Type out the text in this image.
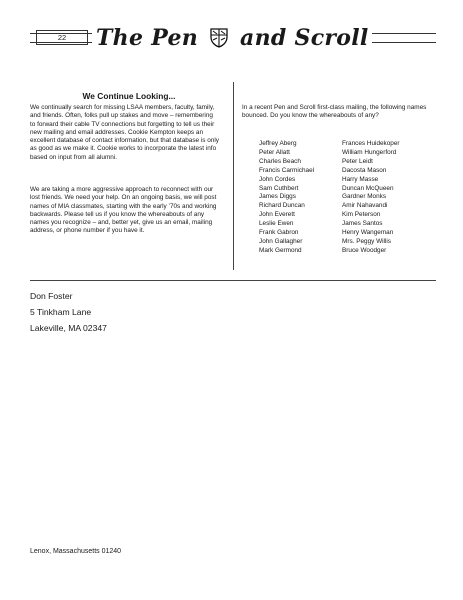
22	The Pen and Scroll
We Continue Looking...

We continually search for missing LSAA members, faculty, family, and friends. Often, folks pull up stakes and move – remembering to forward their cable TV connections but forgetting to tell us their new mailing and email addresses. Cookie Kempton keeps an excellent database of contact information, but that database is only as good as we make it. Cookie works to incorporate the latest info based on input from all alumni.

We are taking a more aggressive approach to reconnect with our lost friends. We need your help. On an ongoing basis, we will post names of MIA classmates, starting with the early ’70s and working backwards. Please tell us if you know the whereabouts of any names you recognize – and, better yet, give us an email, mailing address, or phone number if you have it.

In a recent Pen and Scroll first-class mailing, the following names bounced. Do you know the whereabouts of any?

Jeffrey Aberg
Peter Allatt
Charles Beach
Francis Carmichael
John Cordes
Sam Cuthbert
James Diggs
Richard Duncan
John Everett
Leslie Ewen
Frank Gabron
John Gallagher
Mark Germond
Frances Huidekoper
William Hungerford
Peter Leidt
Dacosta Mason
Harry Masse
Duncan McQueen
Gardner Monks
Amir Nahavandi
Kim Peterson
James Santos
Henry Wangeman
Mrs. Peggy Willis
Bruce Woodger
Don Foster
5 Tinkham Lane
Lakeville, MA 02347
Lenox, Massachusetts 01240
